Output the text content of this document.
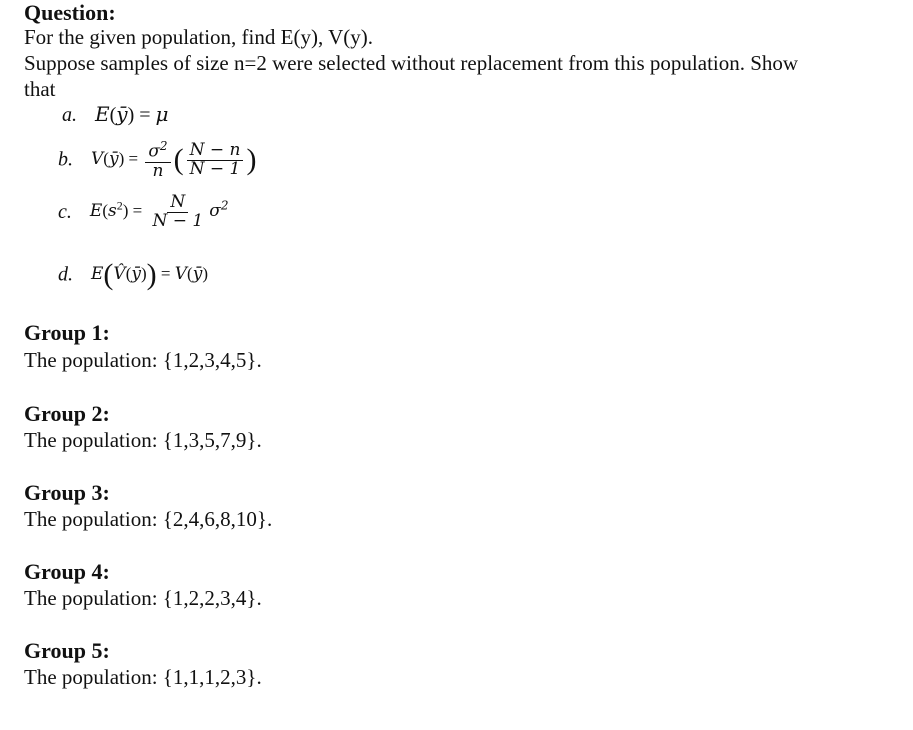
Question:
For the given population, find E(y), V(y).
Suppose samples of size n=2 were selected without replacement from this population. Show
that
a. E(ȳ) = μ
b. V(ȳ) = $\frac{\sigma^2}{n}$ ( $\frac{N - n}{N - 1}$ )
c. $E(s^2) = \frac{N}{N - 1} \sigma^2$
d. E(V̂(ȳ)) = V(ȳ)
Group 1:
The population: {1,2,3,4,5}.
Group 2:
The population: {1,3,5,7,9}.
Group 3:
The population: {2,4,6,8,10}.
Group 4:
The population: {1,2,2,3,4}.
Group 5:
The population: {1,1,1,2,3}.
